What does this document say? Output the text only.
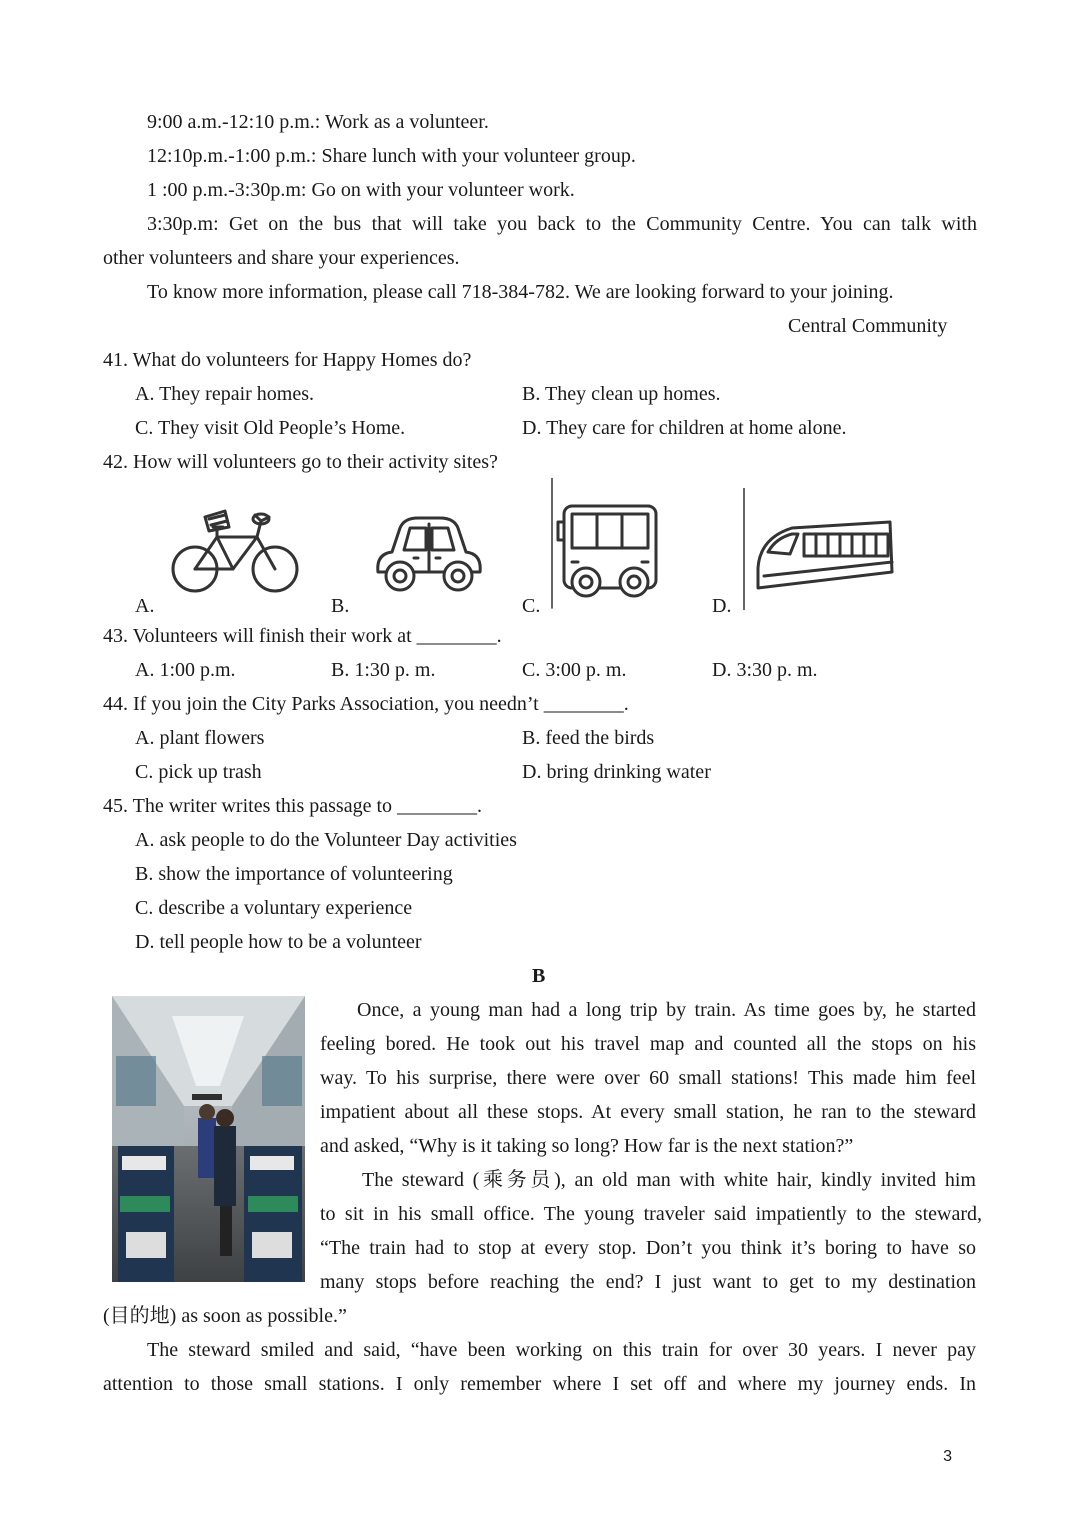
9:00 a.m.-12:10 p.m.: Work as a volunteer.
12:10p.m.-1:00 p.m.: Share lunch with your volunteer group.
1 :00 p.m.-3:30p.m: Go on with your volunteer work.
3:30p.m: Get on the bus that will take you back to the Community Centre. You can talk with
other volunteers and share your experiences.
To know more information, please call 718-384-782. We are looking forward to your joining.
Central Community
41. What do volunteers for Happy Homes do?
A. They repair homes.	B. They clean up homes.
C. They visit Old People’s Home.	D. They care for children at home alone.
42. How will volunteers go to their activity sites?
A.	B.	C.	D.
43. Volunteers will finish their work at ________.
A. 1:00 p.m.	B. 1:30 p. m.	C. 3:00 p. m.	D. 3:30 p. m.
44. If you join the City Parks Association, you needn’t ________.
A. plant flowers	B. feed the birds
C. pick up trash	D. bring drinking water
45. The writer writes this passage to ________.
A. ask people to do the Volunteer Day activities
B. show the importance of volunteering
C. describe a voluntary experience
D. tell people how to be a volunteer
B
Once, a young man had a long trip by train. As time goes by, he started
feeling bored. He took out his travel map and counted all the stops on his
way. To his surprise, there were over 60 small stations! This made him feel
impatient about all these stops. At every small station, he ran to the steward
and asked, “Why is it taking so long? How far is the next station?”
The steward (乘务员), an old man with white hair, kindly invited him
to sit in his small office. The young traveler said impatiently to the steward,
“The train had to stop at every stop. Don’t you think it’s boring to have so
many stops before reaching the end? I just want to get to my destination
(目的地) as soon as possible.”
The steward smiled and said, “have been working on this train for over 30 years. I never pay
attention to those small stations. I only remember where I set off and where my journey ends. In
3
